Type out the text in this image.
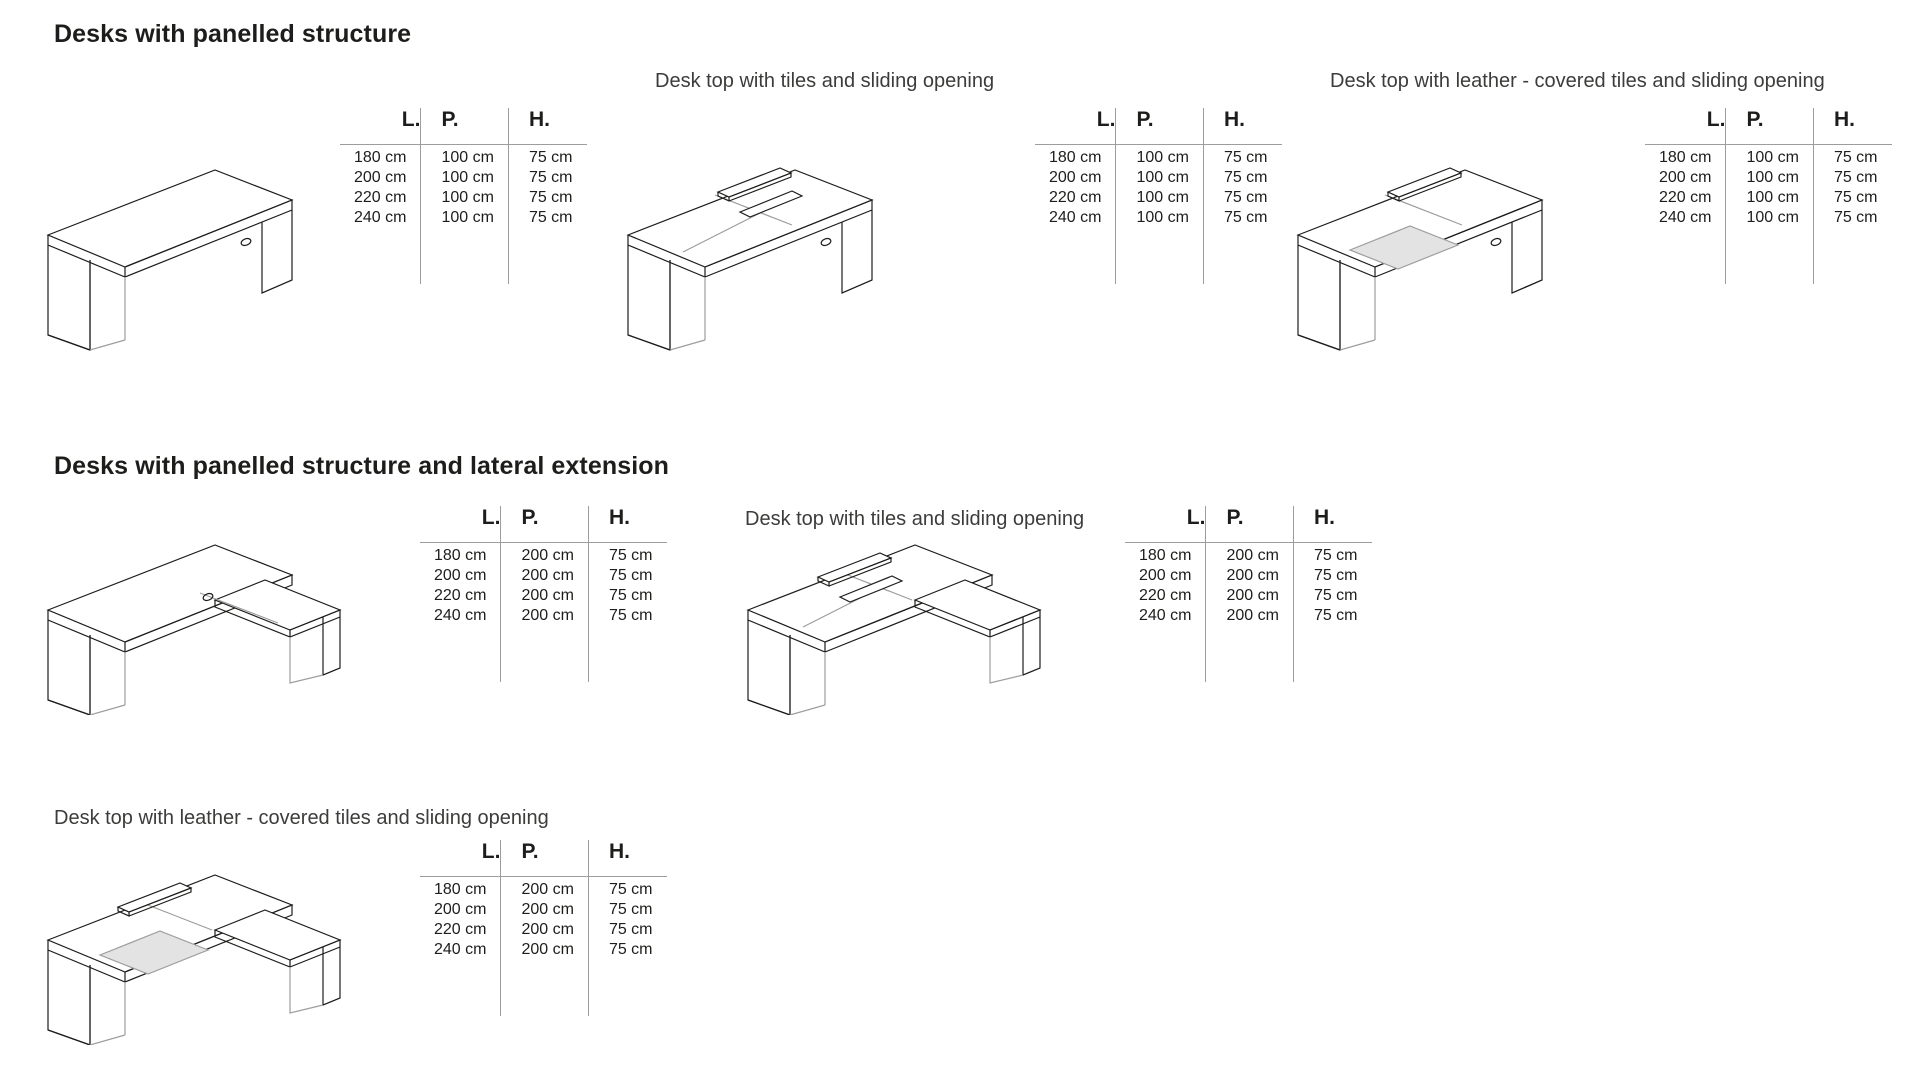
Desks with panelled structure
Desk top with tiles and sliding opening	Desk top with leather - covered tiles and sliding opening
L.	P.	H.
180 cm	100 cm	75 cm
200 cm	100 cm	75 cm
220 cm	100 cm	75 cm
240 cm	100 cm	75 cm

L.	P.	H.
180 cm	100 cm	75 cm
200 cm	100 cm	75 cm
220 cm	100 cm	75 cm
240 cm	100 cm	75 cm

L.	P.	H.
180 cm	100 cm	75 cm
200 cm	100 cm	75 cm
220 cm	100 cm	75 cm
240 cm	100 cm	75 cm

Desks with panelled structure and lateral extension
Desk top with tiles and sliding opening
L.	P.	H.
180 cm	200 cm	75 cm
200 cm	200 cm	75 cm
220 cm	200 cm	75 cm
240 cm	200 cm	75 cm

L.	P.	H.
180 cm	200 cm	75 cm
200 cm	200 cm	75 cm
220 cm	200 cm	75 cm
240 cm	200 cm	75 cm

Desk top with leather - covered tiles and sliding opening
L.	P.	H.
180 cm	200 cm	75 cm
200 cm	200 cm	75 cm
220 cm	200 cm	75 cm
240 cm	200 cm	75 cm
